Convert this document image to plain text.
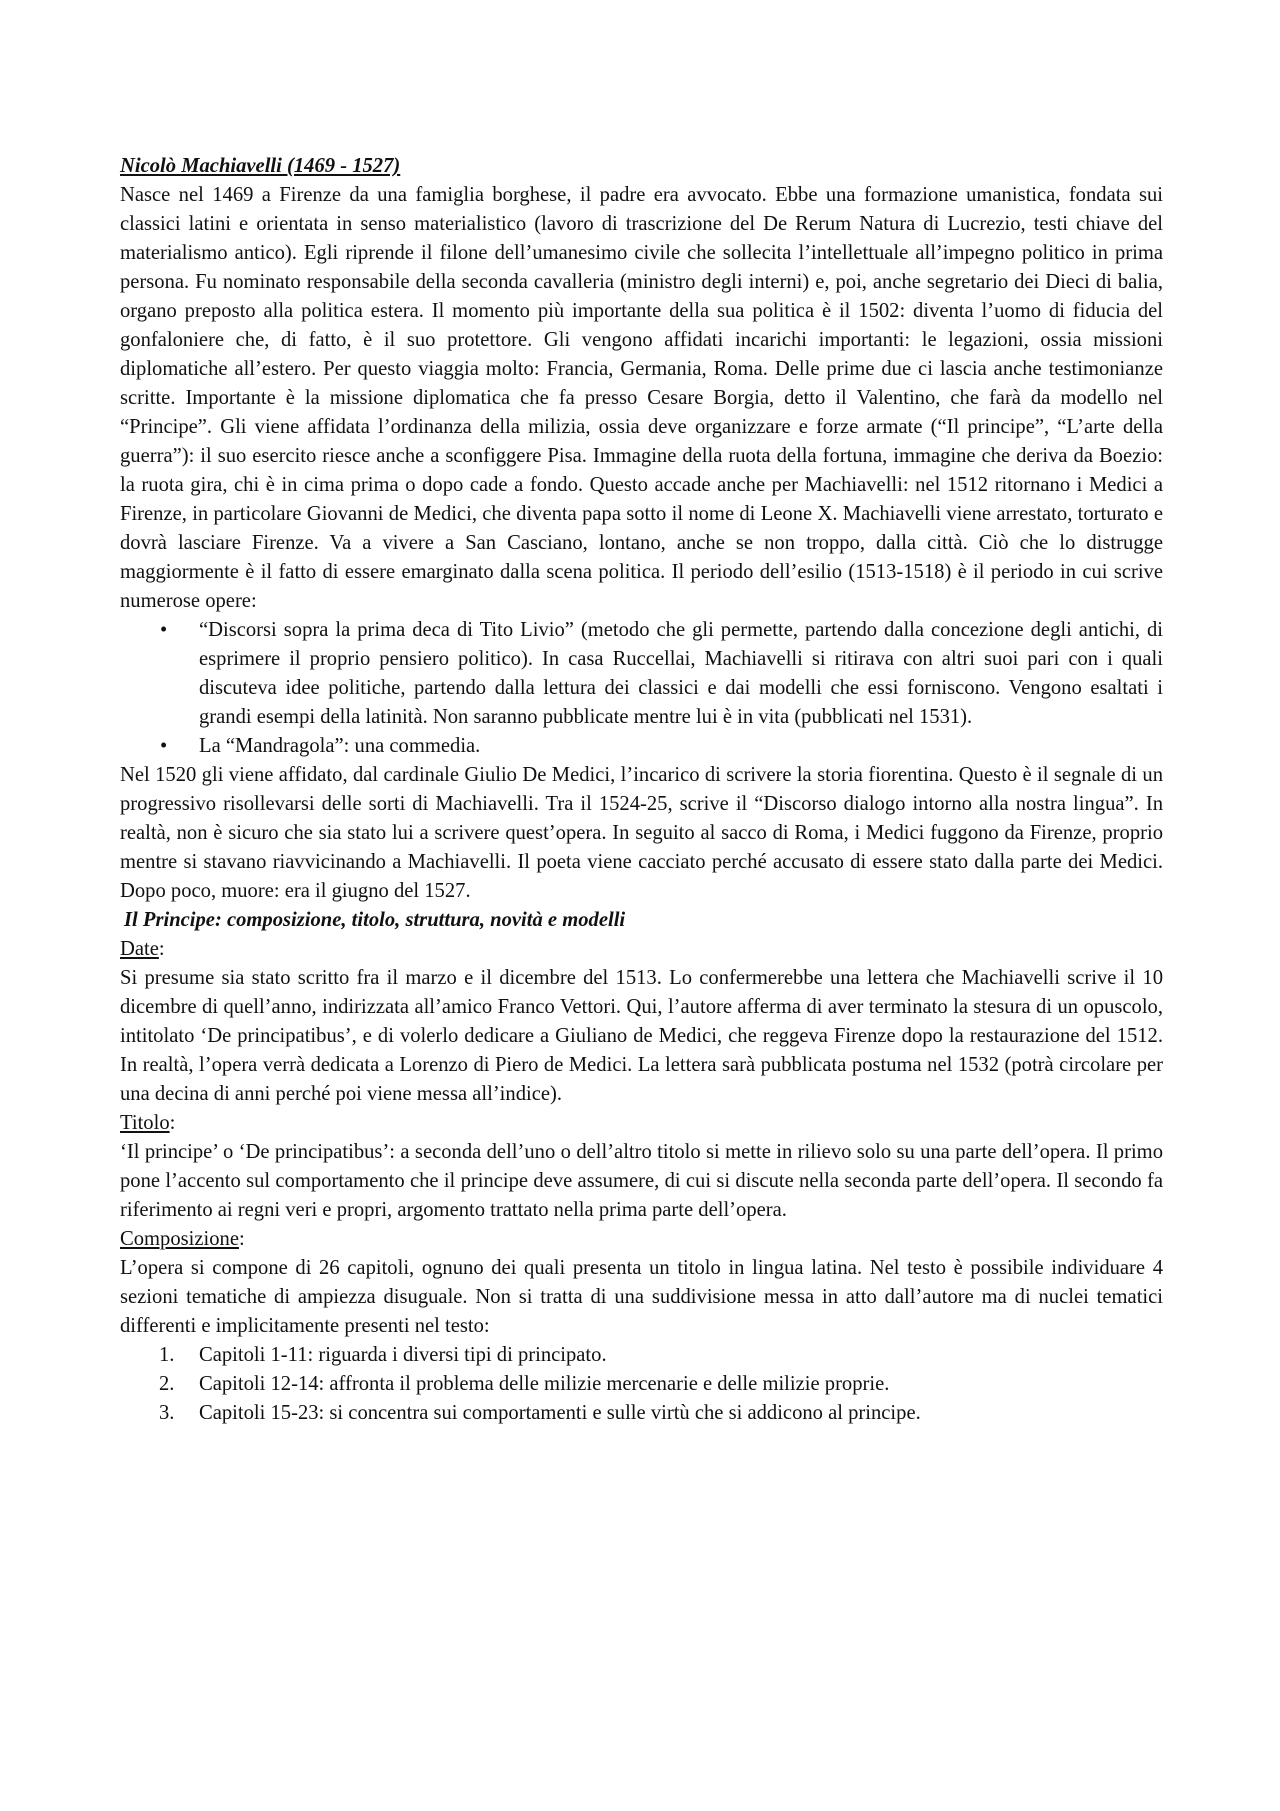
Nicolò Machiavelli (1469 - 1527)

Nasce nel 1469 a Firenze da una famiglia borghese, il padre era avvocato. Ebbe una formazione umanistica, fondata sui classici latini e orientata in senso materialistico (lavoro di trascrizione del De Rerum Natura di Lucrezio, testi chiave del materialismo antico). Egli riprende il filone dell’umanesimo civile che sollecita l’intellettuale all’impegno politico in prima persona. Fu nominato responsabile della seconda cavalleria (ministro degli interni) e, poi, anche segretario dei Dieci di balia, organo preposto alla politica estera. Il momento più importante della sua politica è il 1502: diventa l’uomo di fiducia del gonfaloniere che, di fatto, è il suo protettore. Gli vengono affidati incarichi importanti: le legazioni, ossia missioni diplomatiche all’estero. Per questo viaggia molto: Francia, Germania, Roma. Delle prime due ci lascia anche testimonianze scritte. Importante è la missione diplomatica che fa presso Cesare Borgia, detto il Valentino, che farà da modello nel “Principe”. Gli viene affidata l’ordinanza della milizia, ossia deve organizzare e forze armate (“Il principe”, “L’arte della guerra”): il suo esercito riesce anche a sconfiggere Pisa. Immagine della ruota della fortuna, immagine che deriva da Boezio: la ruota gira, chi è in cima prima o dopo cade a fondo. Questo accade anche per Machiavelli: nel 1512 ritornano i Medici a Firenze, in particolare Giovanni de Medici, che diventa papa sotto il nome di Leone X. Machiavelli viene arrestato, torturato e dovrà lasciare Firenze. Va a vivere a San Casciano, lontano, anche se non troppo, dalla città. Ciò che lo distrugge maggiormente è il fatto di essere emarginato dalla scena politica. Il periodo dell’esilio (1513-1518) è il periodo in cui scrive numerose opere:

• “Discorsi sopra la prima deca di Tito Livio” (metodo che gli permette, partendo dalla concezione degli antichi, di esprimere il proprio pensiero politico). In casa Ruccellai, Machiavelli si ritirava con altri suoi pari con i quali discuteva idee politiche, partendo dalla lettura dei classici e dai modelli che essi forniscono. Vengono esaltati i grandi esempi della latinità. Non saranno pubblicate mentre lui è in vita (pubblicati nel 1531).
• La “Mandragola”: una commedia.

Nel 1520 gli viene affidato, dal cardinale Giulio De Medici, l’incarico di scrivere la storia fiorentina. Questo è il segnale di un progressivo risollevarsi delle sorti di Machiavelli. Tra il 1524-25, scrive il “Discorso dialogo intorno alla nostra lingua”. In realtà, non è sicuro che sia stato lui a scrivere quest’opera. In seguito al sacco di Roma, i Medici fuggono da Firenze, proprio mentre si stavano riavvicinando a Machiavelli. Il poeta viene cacciato perché accusato di essere stato dalla parte dei Medici. Dopo poco, muore: era il giugno del 1527.

Il Principe: composizione, titolo, struttura, novità e modelli

Date:

Si presume sia stato scritto fra il marzo e il dicembre del 1513. Lo confermerebbe una lettera che Machiavelli scrive il 10 dicembre di quell’anno, indirizzata all’amico Franco Vettori. Qui, l’autore afferma di aver terminato la stesura di un opuscolo, intitolato ‘De principatibus’, e di volerlo dedicare a Giuliano de Medici, che reggeva Firenze dopo la restaurazione del 1512. In realtà, l’opera verrà dedicata a Lorenzo di Piero de Medici. La lettera sarà pubblicata postuma nel 1532 (potrà circolare per una decina di anni perché poi viene messa all’indice).

Titolo:

‘Il principe’ o ‘De principatibus’: a seconda dell’uno o dell’altro titolo si mette in rilievo solo su una parte dell’opera. Il primo pone l’accento sul comportamento che il principe deve assumere, di cui si discute nella seconda parte dell’opera. Il secondo fa riferimento ai regni veri e propri, argomento trattato nella prima parte dell’opera.

Composizione:

L’opera si compone di 26 capitoli, ognuno dei quali presenta un titolo in lingua latina. Nel testo è possibile individuare 4 sezioni tematiche di ampiezza disuguale. Non si tratta di una suddivisione messa in atto dall’autore ma di nuclei tematici differenti e implicitamente presenti nel testo:

1. Capitoli 1-11: riguarda i diversi tipi di principato.
2. Capitoli 12-14: affronta il problema delle milizie mercenarie e delle milizie proprie.
3. Capitoli 15-23: si concentra sui comportamenti e sulle virtù che si addicono al principe.
